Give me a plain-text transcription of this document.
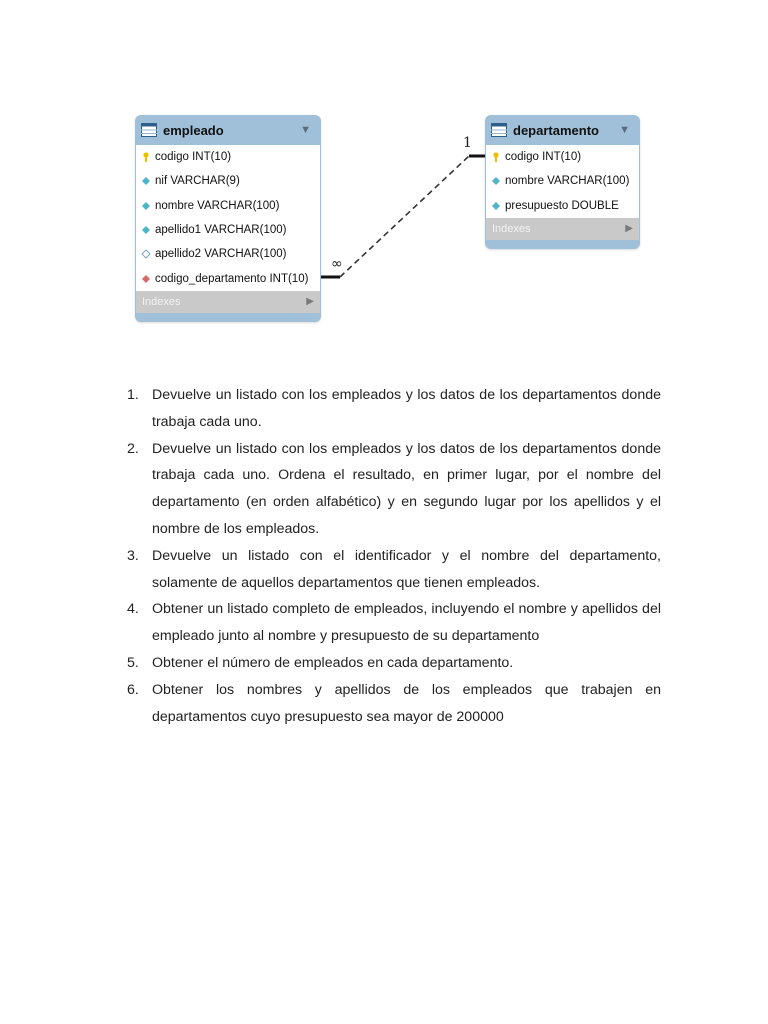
1
∞
empleado	▼
codigo INT(10)
nif VARCHAR(9)
nombre VARCHAR(100)
apellido1 VARCHAR(100)
apellido2 VARCHAR(100)
codigo_departamento INT(10)
Indexes	▶
departamento	▼
codigo INT(10)
nombre VARCHAR(100)
presupuesto DOUBLE
Indexes	▶
1. Devuelve un listado con los empleados y los datos de los departamentos donde trabaja cada uno.
2. Devuelve un listado con los empleados y los datos de los departamentos donde trabaja cada uno. Ordena el resultado, en primer lugar, por el nombre del departamento (en orden alfabético) y en segundo lugar por los apellidos y el nombre de los empleados.
3. Devuelve un listado con el identificador y el nombre del departamento, solamente de aquellos departamentos que tienen empleados.
4. Obtener un listado completo de empleados, incluyendo el nombre y apellidos del empleado junto al nombre y presupuesto de su departamento
5. Obtener el número de empleados en cada departamento.
6. Obtener los nombres y apellidos de los empleados que trabajen en departamentos cuyo presupuesto sea mayor de 200000
